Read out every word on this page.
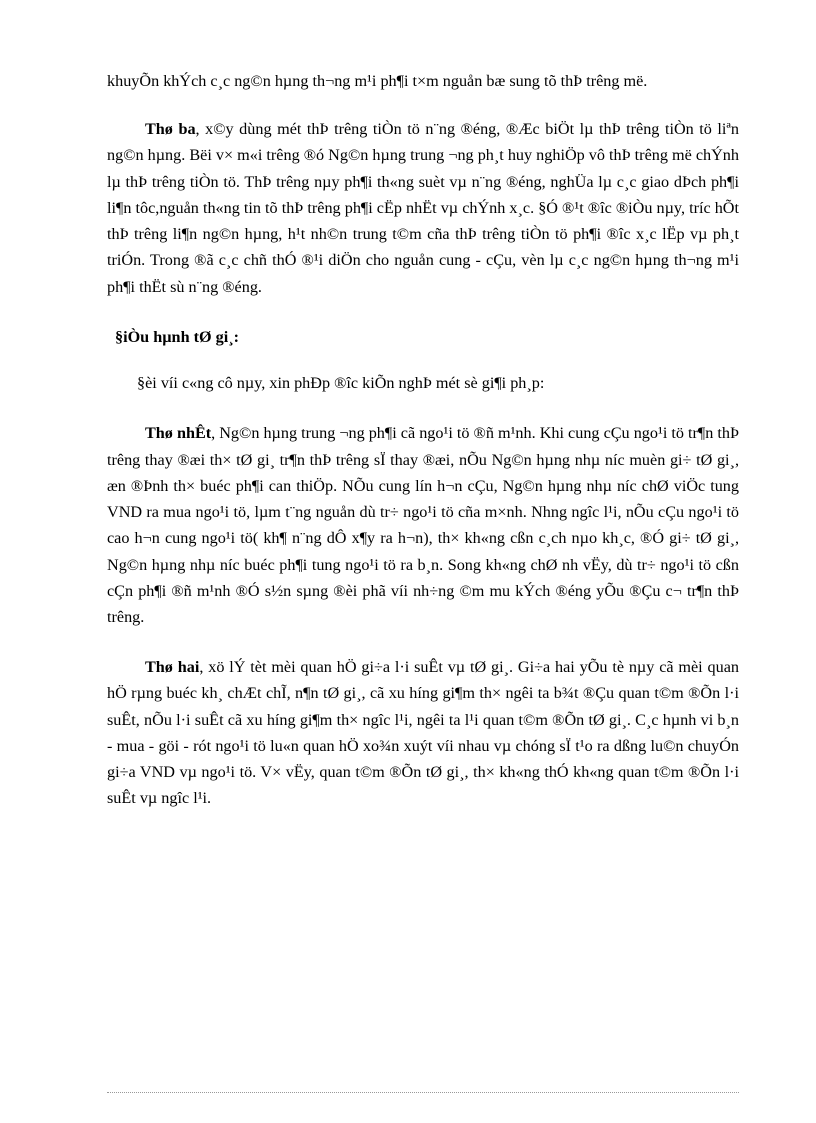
khuyÕn khÝch c¸c ng©n hµng th¬ng m¹i ph¶i t×m nguån bæ sung tõ thÞ trêng më.

Thø ba, x©y dùng mét thÞ trêng tiÒn tö n¨ng ®éng, ®Æc biÖt lµ thÞ trêng tiÒn tö liªn ng©n hµng. Bëi v× m«i trêng ®ó Ng©n hµng trung ¬ng ph¸t huy nghiÖp vô thÞ trêng më chÝnh lµ thÞ trêng tiÒn tö. ThÞ trêng nµy ph¶i th«ng suèt vµ n¨ng ®éng, nghÜa lµ c¸c giao dÞch ph¶i li¶n tôc,nguån th«ng tin tõ thÞ trêng ph¶i cËp nhËt vµ chÝnh x¸c. §Ó ®¹t ®îc ®iÒu nµy, tríc hÕt thÞ trêng li¶n ng©n hµng, h¹t nh©n trung t©m cña thÞ trêng tiÒn tö ph¶i ®îc x¸c lËp vµ ph¸t triÓn. Trong ®ã c¸c chñ thÓ ®¹i diÖn cho nguån cung - cÇu, vèn lµ c¸c ng©n hµng th¬ng m¹i ph¶i thËt sù n¨ng ®éng.

§iÒu hµnh tØ gi¸:

§èi víi c«ng cô nµy, xin phÐp ®îc kiÕn nghÞ mét sè gi¶i ph¸p:

Thø nhÊt, Ng©n hµng trung ¬ng ph¶i cã ngo¹i tö ®ñ m¹nh. Khi cung cÇu ngo¹i tö tr¶n thÞ trêng thay ®æi th× tØ gi¸ tr¶n thÞ trêng sÏ thay ®æi, nÕu Ng©n hµng nhµ níc muèn gi÷ tØ gi¸, æn ®Þnh th× buéc ph¶i can thiÖp. NÕu cung lín h¬n cÇu, Ng©n hµng nhµ níc chØ viÖc tung VND ra mua ngo¹i tö, lµm t¨ng nguån dù tr÷ ngo¹i tö cña m×nh. Nhng ngîc l¹i, nÕu cÇu ngo¹i tö cao h¬n cung ngo¹i tö( kh¶ n¨ng dÔ x¶y ra h¬n), th× kh«ng cßn c¸ch nµo kh¸c, ®Ó gi÷ tØ gi¸, Ng©n hµng nhµ níc buéc ph¶i tung ngo¹i tö ra b¸n. Song kh«ng chØ nh vËy, dù tr÷ ngo¹i tö cßn cÇn ph¶i ®ñ m¹nh ®Ó s½n sµng ®èi phã víi nh÷ng ©m mu kÝch ®éng yÕu ®Çu c¬ tr¶n thÞ trêng.

Thø hai, xö lÝ tèt mèi quan hÖ gi÷a l·i suÊt vµ tØ gi¸. Gi÷a hai yÕu tè nµy cã mèi quan hÖ rµng buéc kh¸ chÆt chĨ, n¶n tØ gi¸, cã xu híng gi¶m th× ngêi ta b¾t ®Çu quan t©m ®Õn l·i suÊt, nÕu l·i suÊt cã xu híng gi¶m th× ngîc l¹i, ngêi ta l¹i quan t©m ®Õn tØ gi¸. C¸c hµnh vi b¸n - mua - göi - rót ngo¹i tö lu«n quan hÖ xo¾n xuýt víi nhau vµ chóng sÏ t¹o ra dßng lu©n chuyÓn gi÷a VND vµ ngo¹i tö. V× vËy, quan t©m ®Õn tØ gi¸, th× kh«ng thÓ kh«ng quan t©m ®Õn l·i suÊt vµ ngîc l¹i.
